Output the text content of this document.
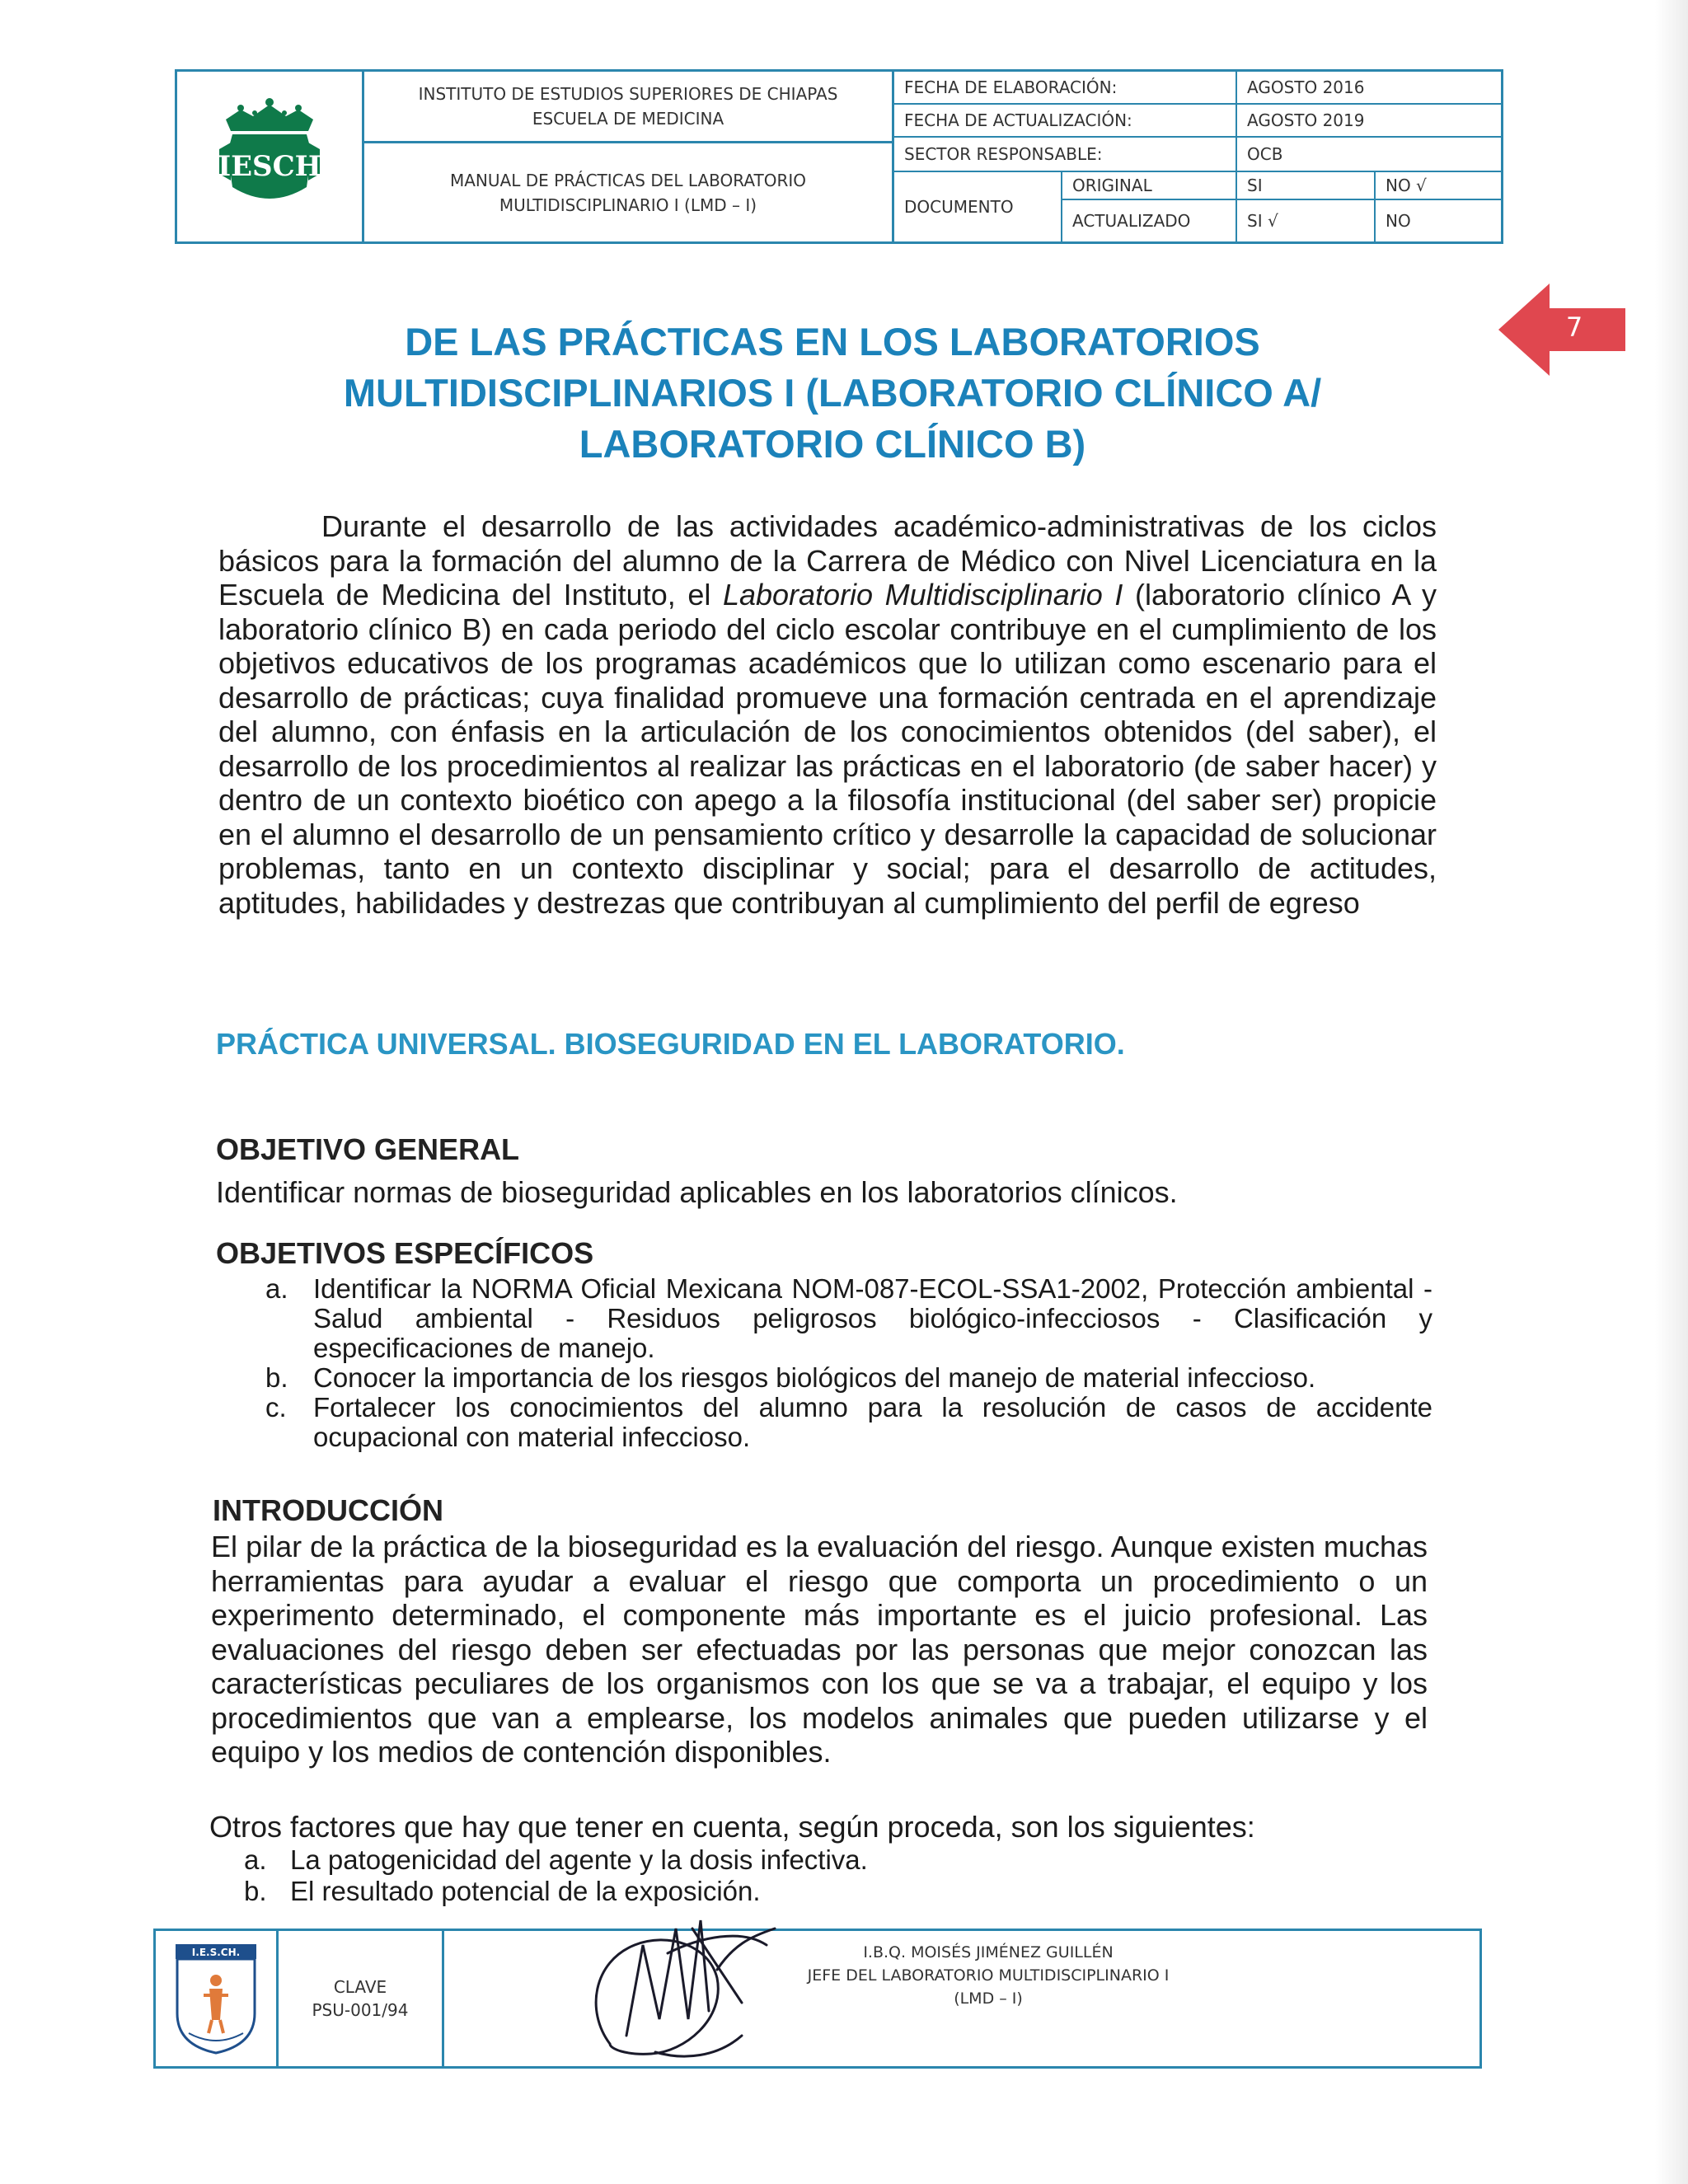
IESCH
INSTITUTO DE ESTUDIOS SUPERIORES DE CHIAPAS
ESCUELA DE MEDICINA
MANUAL DE PRÁCTICAS DEL LABORATORIO
MULTIDISCIPLINARIO I (LMD – I)
FECHA DE ELABORACIÓN:	AGOSTO 2016
FECHA DE ACTUALIZACIÓN:	AGOSTO 2019
SECTOR RESPONSABLE:	OCB
DOCUMENTO
ORIGINAL	SI	NO √
ACTUALIZADO	SI √	NO
7
DE LAS PRÁCTICAS EN LOS LABORATORIOS
MULTIDISCIPLINARIOS I (LABORATORIO CLÍNICO A/
LABORATORIO CLÍNICO B)
Durante el desarrollo de las actividades académico-administrativas de los ciclos básicos para la formación del alumno de la Carrera de Médico con Nivel Licenciatura en la Escuela de Medicina del Instituto, el Laboratorio Multidisciplinario I (laboratorio clínico A y laboratorio clínico B) en cada periodo del ciclo escolar contribuye en el cumplimiento de los objetivos educativos de los programas académicos que lo utilizan como escenario para el desarrollo de prácticas; cuya finalidad promueve una formación centrada en el aprendizaje del alumno, con énfasis en la articulación de los conocimientos obtenidos (del saber), el desarrollo de los procedimientos al realizar las prácticas en el laboratorio (de saber hacer) y dentro de un contexto bioético con apego a la filosofía institucional (del saber ser) propicie en el alumno el desarrollo de un pensamiento crítico y desarrolle la capacidad de solucionar problemas, tanto en un contexto disciplinar y social; para el desarrollo de actitudes, aptitudes, habilidades y destrezas que contribuyan al cumplimiento del perfil de egreso
PRÁCTICA UNIVERSAL. BIOSEGURIDAD EN EL LABORATORIO.
OBJETIVO GENERAL
Identificar normas de bioseguridad aplicables en los laboratorios clínicos.
OBJETIVOS ESPECÍFICOS
a. Identificar la NORMA Oficial Mexicana NOM-087-ECOL-SSA1-2002, Protección ambiental - Salud ambiental - Residuos peligrosos biológico-infecciosos - Clasificación y especificaciones de manejo.
b. Conocer la importancia de los riesgos biológicos del manejo de material infeccioso.
c. Fortalecer los conocimientos del alumno para la resolución de casos de accidente ocupacional con material infeccioso.
INTRODUCCIÓN
El pilar de la práctica de la bioseguridad es la evaluación del riesgo. Aunque existen muchas herramientas para ayudar a evaluar el riesgo que comporta un procedimiento o un experimento determinado, el componente más importante es el juicio profesional. Las evaluaciones del riesgo deben ser efectuadas por las personas que mejor conozcan las características peculiares de los organismos con los que se va a trabajar, el equipo y los procedimientos que van a emplearse, los modelos animales que pueden utilizarse y el equipo y los medios de contención disponibles.
Otros factores que hay que tener en cuenta, según proceda, son los siguientes:
a. La patogenicidad del agente y la dosis infectiva.
b. El resultado potencial de la exposición.
I.E.S.CH.
CLAVE
PSU-001/94
I.B.Q. MOISÉS JIMÉNEZ GUILLÉN
JEFE DEL LABORATORIO MULTIDISCIPLINARIO I
(LMD – I)
